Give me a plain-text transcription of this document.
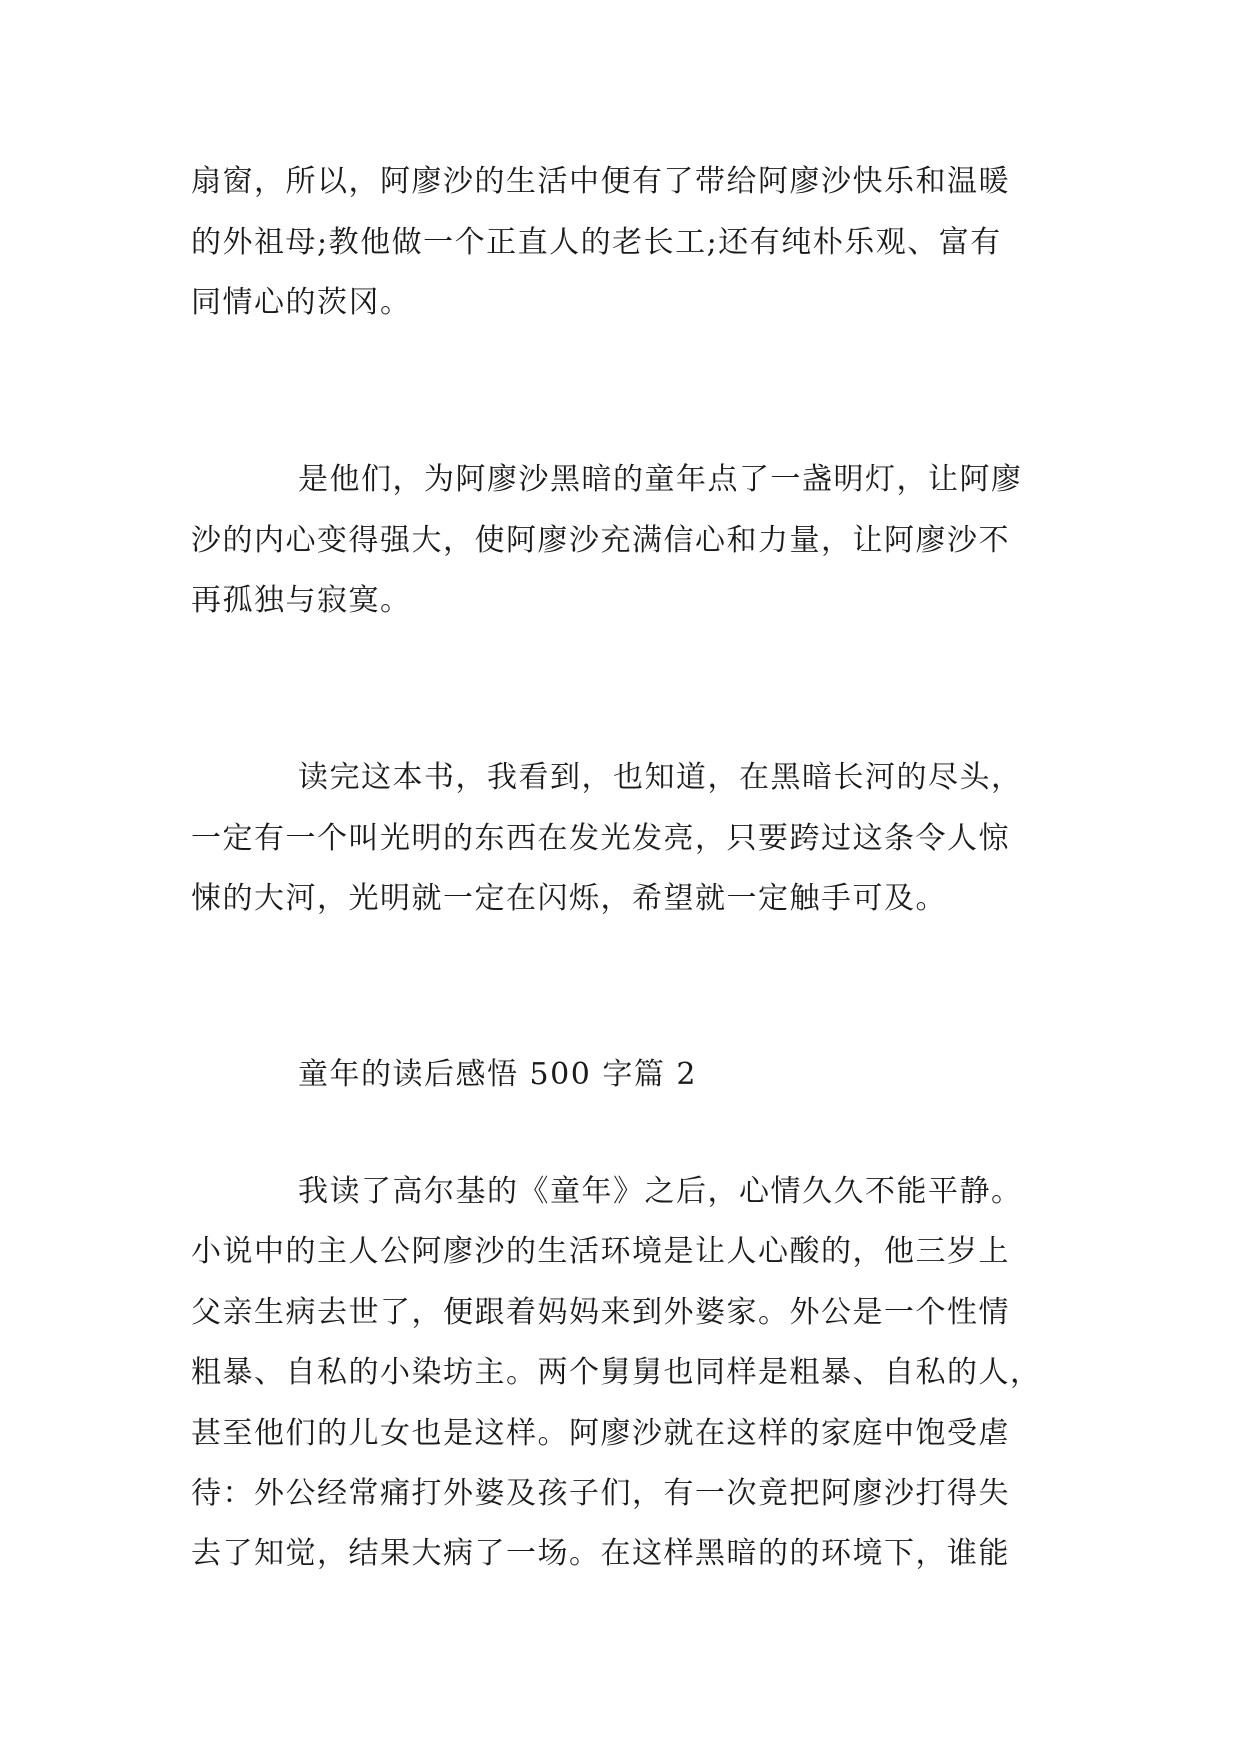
扇窗，所以，阿廖沙的生活中便有了带给阿廖沙快乐和温暖
的外祖母;教他做一个正直人的老长工;还有纯朴乐观、富有
同情心的茨冈。
是他们，为阿廖沙黑暗的童年点了一盏明灯，让阿廖
沙的内心变得强大，使阿廖沙充满信心和力量，让阿廖沙不
再孤独与寂寞。
读完这本书，我看到，也知道，在黑暗长河的尽头，
一定有一个叫光明的东西在发光发亮，只要跨过这条令人惊
悚的大河，光明就一定在闪烁，希望就一定触手可及。
童年的读后感悟 500 字篇 2
我读了高尔基的《童年》之后，心情久久不能平静。
小说中的主人公阿廖沙的生活环境是让人心酸的，他三岁上
父亲生病去世了，便跟着妈妈来到外婆家。外公是一个性情
粗暴、自私的小染坊主。两个舅舅也同样是粗暴、自私的人，
甚至他们的儿女也是这样。阿廖沙就在这样的家庭中饱受虐
待：外公经常痛打外婆及孩子们，有一次竟把阿廖沙打得失
去了知觉，结果大病了一场。在这样黑暗的的环境下，谁能
